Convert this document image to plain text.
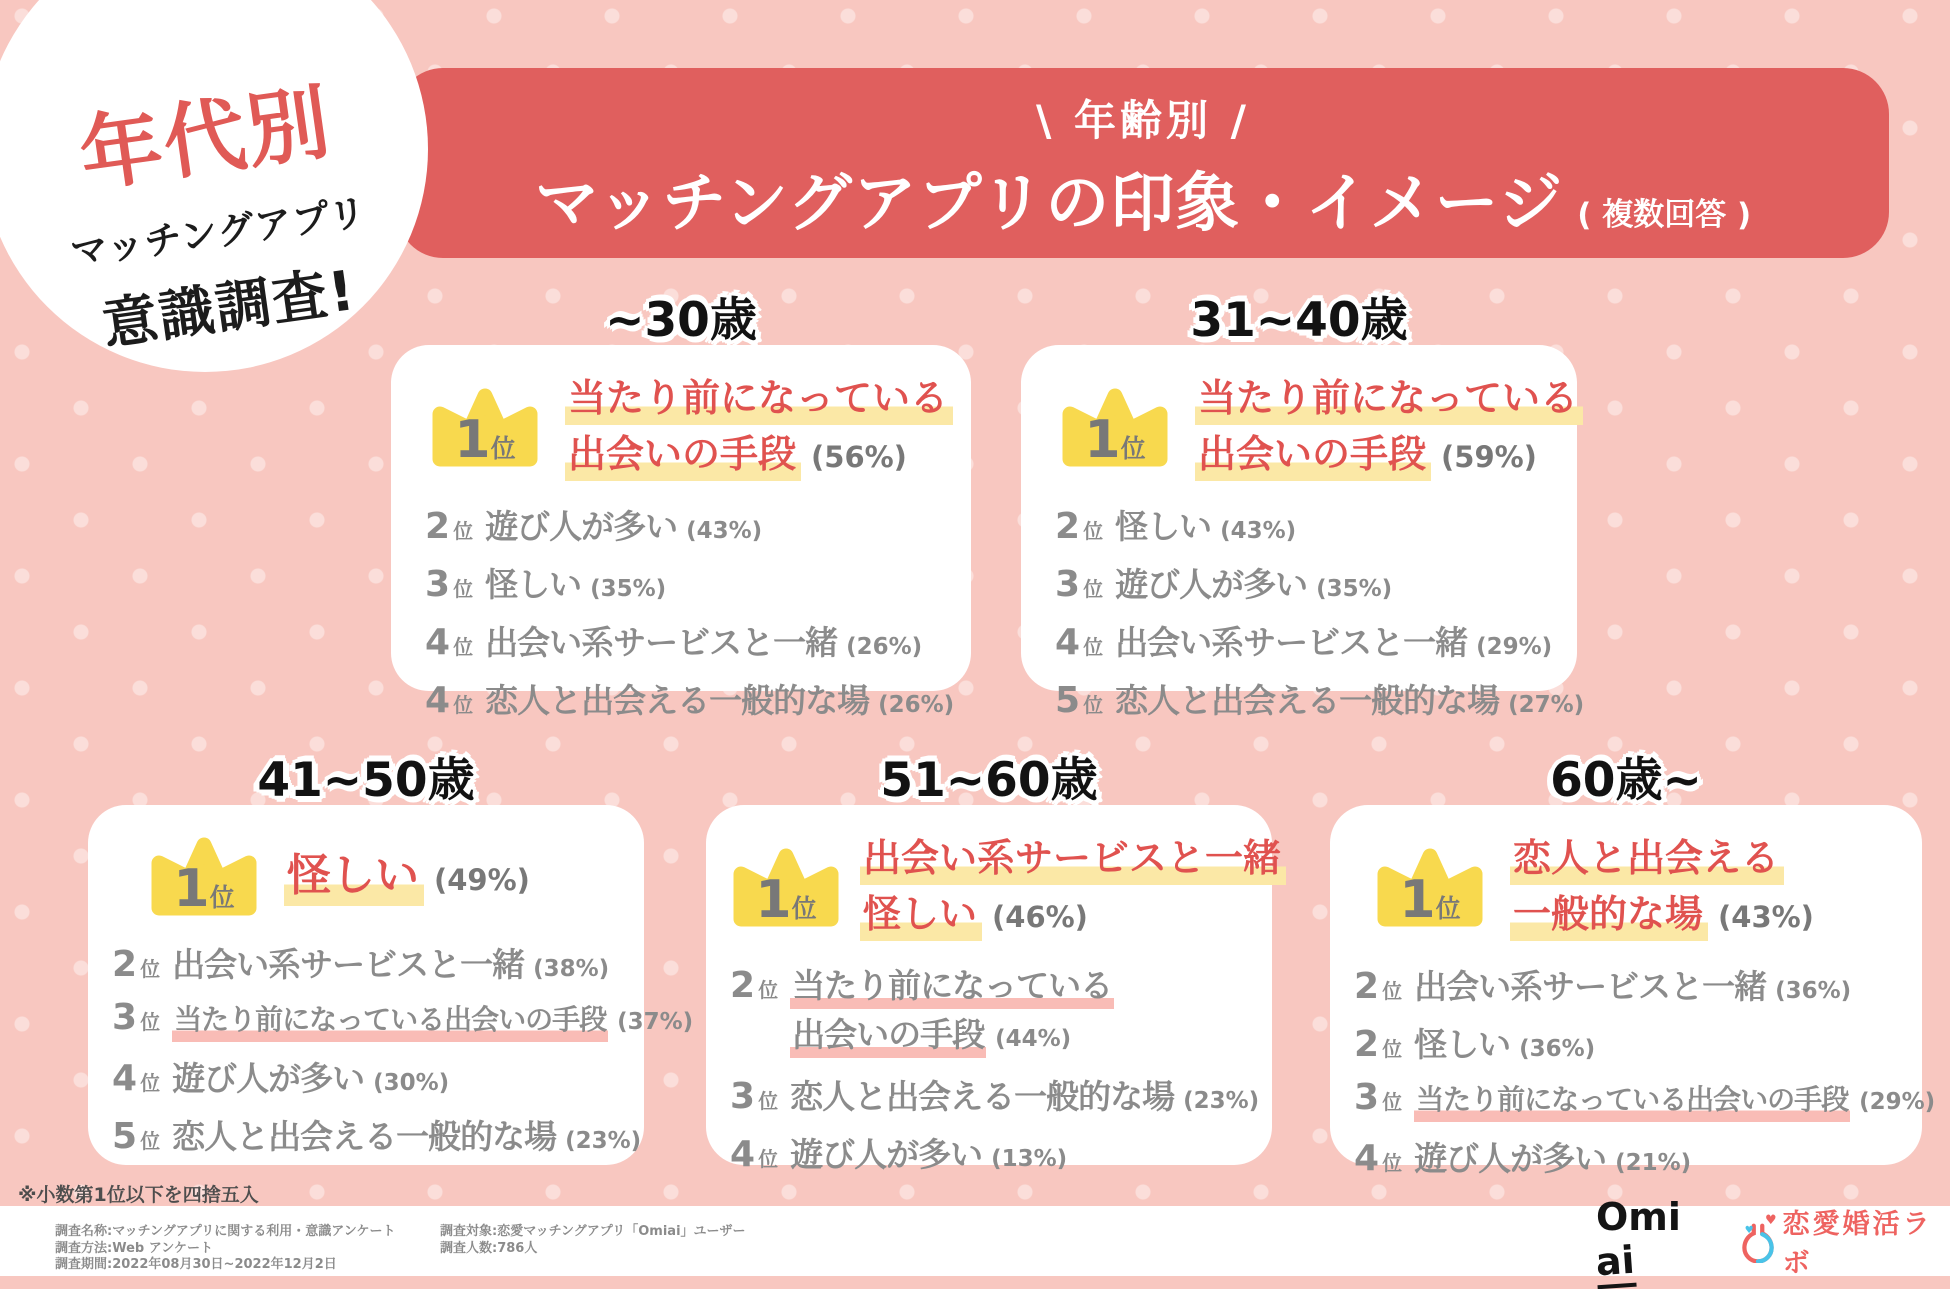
\ 年齢別 /
マッチングアプリの印象・イメージ ( 複数回答 )
年代別
マッチングアプリ
意識調査!	~30歳
1位
当たり前になっている
出会いの手段 (56%)
2 位 遊び人が多い (43%)
3 位 怪しい (35%)
4 位 出会い系サービスと一緒 (26%)
4 位 恋人と出会える一般的な場 (26%)
31~40歳
1位
当たり前になっている
出会いの手段 (59%)
2 位 怪しい (43%)
3 位 遊び人が多い (35%)
4 位 出会い系サービスと一緒 (29%)
5 位 恋人と出会える一般的な場 (27%)
41~50歳
1位	怪しい (49%)
2 位 出会い系サービスと一緒 (38%)
3 位 当たり前になっている出会いの手段 (37%)
4 位 遊び人が多い (30%)
5 位 恋人と出会える一般的な場 (23%)
51~60歳
1位
出会い系サービスと一緒
怪しい (46%)
2 位 当たり前になっている
出会いの手段 (44%)
3 位 恋人と出会える一般的な場 (23%)
4 位 遊び人が多い (13%)
60歳~
1位
恋人と出会える
一般的な場 (43%)
2 位 出会い系サービスと一緒 (36%)
2 位 怪しい (36%)
3 位 当たり前になっている出会いの手段 (29%)
4 位 遊び人が多い (21%)
※小数第1位以下を四捨五入
調査名称:マッチングアプリに関する利用・意識アンケート
調査方法:Web アンケート
調査期間:2022年08月30日~2022年12月2日
調査対象:恋愛マッチングアプリ「Omiai」ユーザー
調査人数:786人
Omiai
♥
♥ 恋愛婚活ラボ
